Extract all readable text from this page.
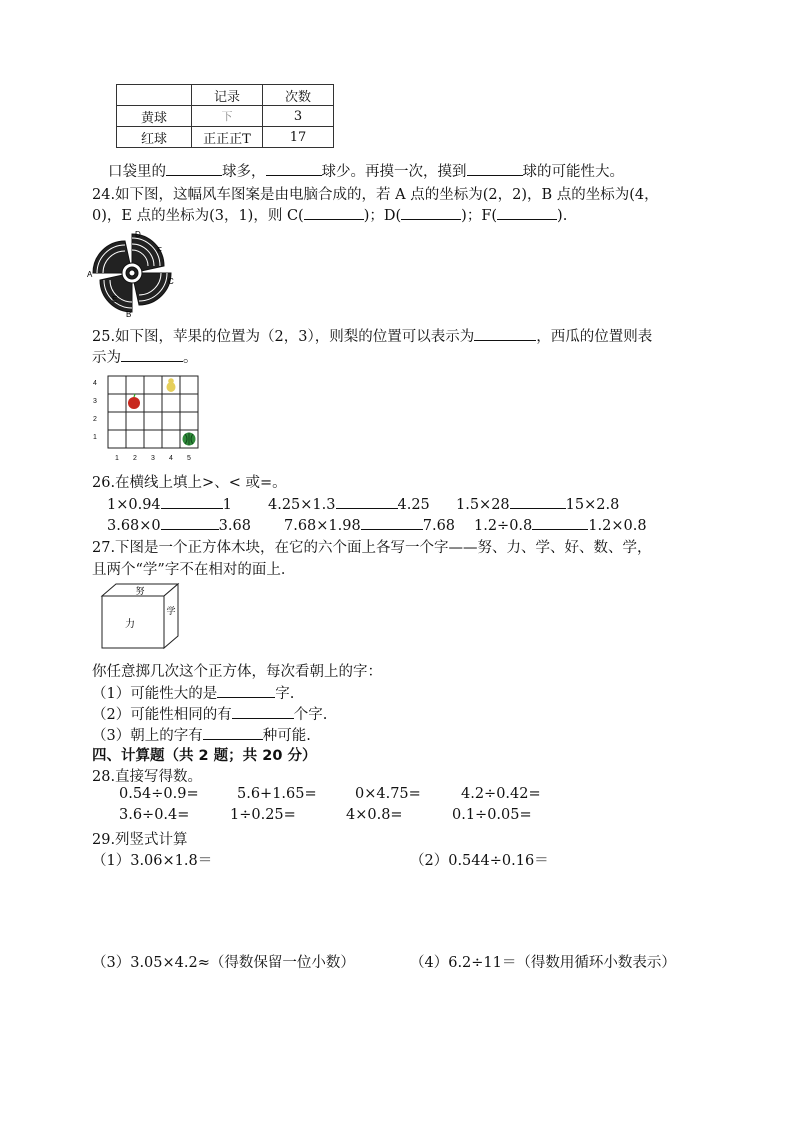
	记录	次数
黄球	下	3
红球	正正正T	17
口袋里的	球多，	球少。再摸一次，摸到	球的可能性大。
24.如下图，这幅风车图案是由电脑合成的，若 A 点的坐标为(2，2)，B 点的坐标为(4，
0)，E 点的坐标为(3，1)，则 C(	)；D(	)；F(	).
A
B
C
D
E
F
25.如下图，苹果的位置为（2，3），则梨的位置可以表示为	，西瓜的位置则表
示为	。
4
3
2
1
1 2 3 4 5
26.在横线上填上>、< 或=。
1×0.94	1 4.25×1.3	4.25 1.5×28	15×2.8
3.68×0	3.68 7.68×1.98	7.68 1.2÷0.8	1.2×0.8
27.下图是一个正方体木块，在它的六个面上各写一个字——努、力、学、好、数、学，
且两个“学”字不在相对的面上．
努
力
学
你任意掷几次这个正方体，每次看朝上的字：
（1）可能性大的是	字.
（2）可能性相同的有	个字.
（3）朝上的字有	种可能.
四、计算题（共 2 题；共 20 分）
28.直接写得数。
0.54÷0.9=	5.6+1.65=	0×4.75=	4.2÷0.42=
3.6÷0.4=	1÷0.25=	4×0.8=	0.1÷0.05=
29.列竖式计算
（1）3.06×1.8＝	（2）0.544÷0.16＝
（3）3.05×4.2≈（得数保留一位小数）	（4）6.2÷11＝（得数用循环小数表示）
